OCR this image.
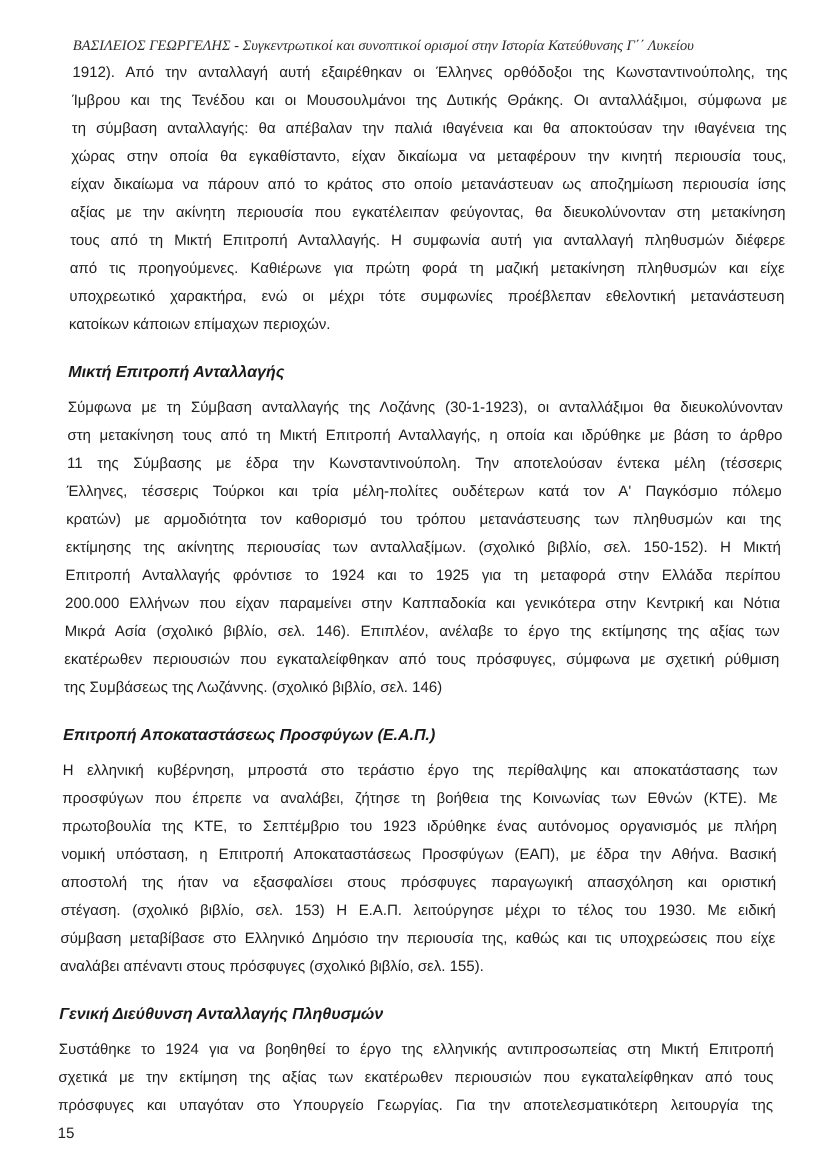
ΒΑΣΙΛΕΙΟΣ ΓΕΩΡΓΕΛΗΣ - Συγκεντρωτικοί και συνοπτικοί ορισμοί στην Ιστορία Κατεύθυνσης Γ΄΄ Λυκείου
1912). Από την ανταλλαγή αυτή εξαιρέθηκαν οι Έλληνες ορθόδοξοι της Κωνσταντινούπολης, της
Ίμβρου και της Τενέδου και οι Μουσουλμάνοι της Δυτικής Θράκης. Οι ανταλλάξιμοι, σύμφωνα με
τη σύμβαση ανταλλαγής: θα απέβαλαν την παλιά ιθαγένεια και θα αποκτούσαν την ιθαγένεια της
χώρας στην οποία θα εγκαθίσταντο, είχαν δικαίωμα να μεταφέρουν την κινητή περιουσία τους,
είχαν δικαίωμα να πάρουν από το κράτος στο οποίο μετανάστευαν ως αποζημίωση περιουσία ίσης
αξίας με την ακίνητη περιουσία που εγκατέλειπαν φεύγοντας, θα διευκολύνονταν στη μετακίνηση
τους από τη Μικτή Επιτροπή Ανταλλαγής. Η συμφωνία αυτή για ανταλλαγή πληθυσμών διέφερε
από τις προηγούμενες. Καθιέρωνε για πρώτη φορά τη μαζική μετακίνηση πληθυσμών και είχε
υποχρεωτικό χαρακτήρα, ενώ οι μέχρι τότε συμφωνίες προέβλεπαν εθελοντική μετανάστευση
κατοίκων κάποιων επίμαχων περιοχών.
Μικτή Επιτροπή Ανταλλαγής
Σύμφωνα με τη Σύμβαση ανταλλαγής της Λοζάνης (30-1-1923), οι ανταλλάξιμοι θα διευκολύνονταν
στη μετακίνηση τους από τη Μικτή Επιτροπή Ανταλλαγής, η οποία και ιδρύθηκε με βάση το άρθρο
11 της Σύμβασης με έδρα την Κωνσταντινούπολη. Την αποτελούσαν έντεκα μέλη (τέσσερις
Έλληνες, τέσσερις Τούρκοι και τρία μέλη-πολίτες ουδέτερων κατά τον Α' Παγκόσμιο πόλεμο
κρατών) με αρμοδιότητα τον καθορισμό του τρόπου μετανάστευσης των πληθυσμών και της
εκτίμησης της ακίνητης περιουσίας των ανταλλαξίμων. (σχολικό βιβλίο, σελ. 150-152). Η Μικτή
Επιτροπή Ανταλλαγής φρόντισε το 1924 και το 1925 για τη μεταφορά στην Ελλάδα περίπου
200.000 Ελλήνων που είχαν παραμείνει στην Καππαδοκία και γενικότερα στην Κεντρική και Νότια
Μικρά Ασία (σχολικό βιβλίο, σελ. 146). Επιπλέον, ανέλαβε το έργο της εκτίμησης της αξίας των
εκατέρωθεν περιουσιών που εγκαταλείφθηκαν από τους πρόσφυγες, σύμφωνα με σχετική ρύθμιση
της Συμβάσεως της Λωζάννης. (σχολικό βιβλίο, σελ. 146)
Επιτροπή Αποκαταστάσεως Προσφύγων (Ε.Α.Π.)
Η ελληνική κυβέρνηση, μπροστά στο τεράστιο έργο της περίθαλψης και αποκατάστασης των
προσφύγων που έπρεπε να αναλάβει, ζήτησε τη βοήθεια της Κοινωνίας των Εθνών (ΚΤΕ). Με
πρωτοβουλία της ΚΤΕ, το Σεπτέμβριο του 1923 ιδρύθηκε ένας αυτόνομος οργανισμός με πλήρη
νομική υπόσταση, η Επιτροπή Αποκαταστάσεως Προσφύγων (ΕΑΠ), με έδρα την Αθήνα. Βασική
αποστολή της ήταν να εξασφαλίσει στους πρόσφυγες παραγωγική απασχόληση και οριστική
στέγαση. (σχολικό βιβλίο, σελ. 153) Η Ε.Α.Π. λειτούργησε μέχρι το τέλος του 1930. Με ειδική
σύμβαση μεταβίβασε στο Ελληνικό Δημόσιο την περιουσία της, καθώς και τις υποχρεώσεις που είχε
αναλάβει απέναντι στους πρόσφυγες (σχολικό βιβλίο, σελ. 155).
Γενική Διεύθυνση Ανταλλαγής Πληθυσμών
Συστάθηκε το 1924 για να βοηθηθεί το έργο της ελληνικής αντιπροσωπείας στη Μικτή Επιτροπή
σχετικά με την εκτίμηση της αξίας των εκατέρωθεν περιουσιών που εγκαταλείφθηκαν από τους
πρόσφυγες και υπαγόταν στο Υπουργείο Γεωργίας. Για την αποτελεσματικότερη λειτουργία της
15
